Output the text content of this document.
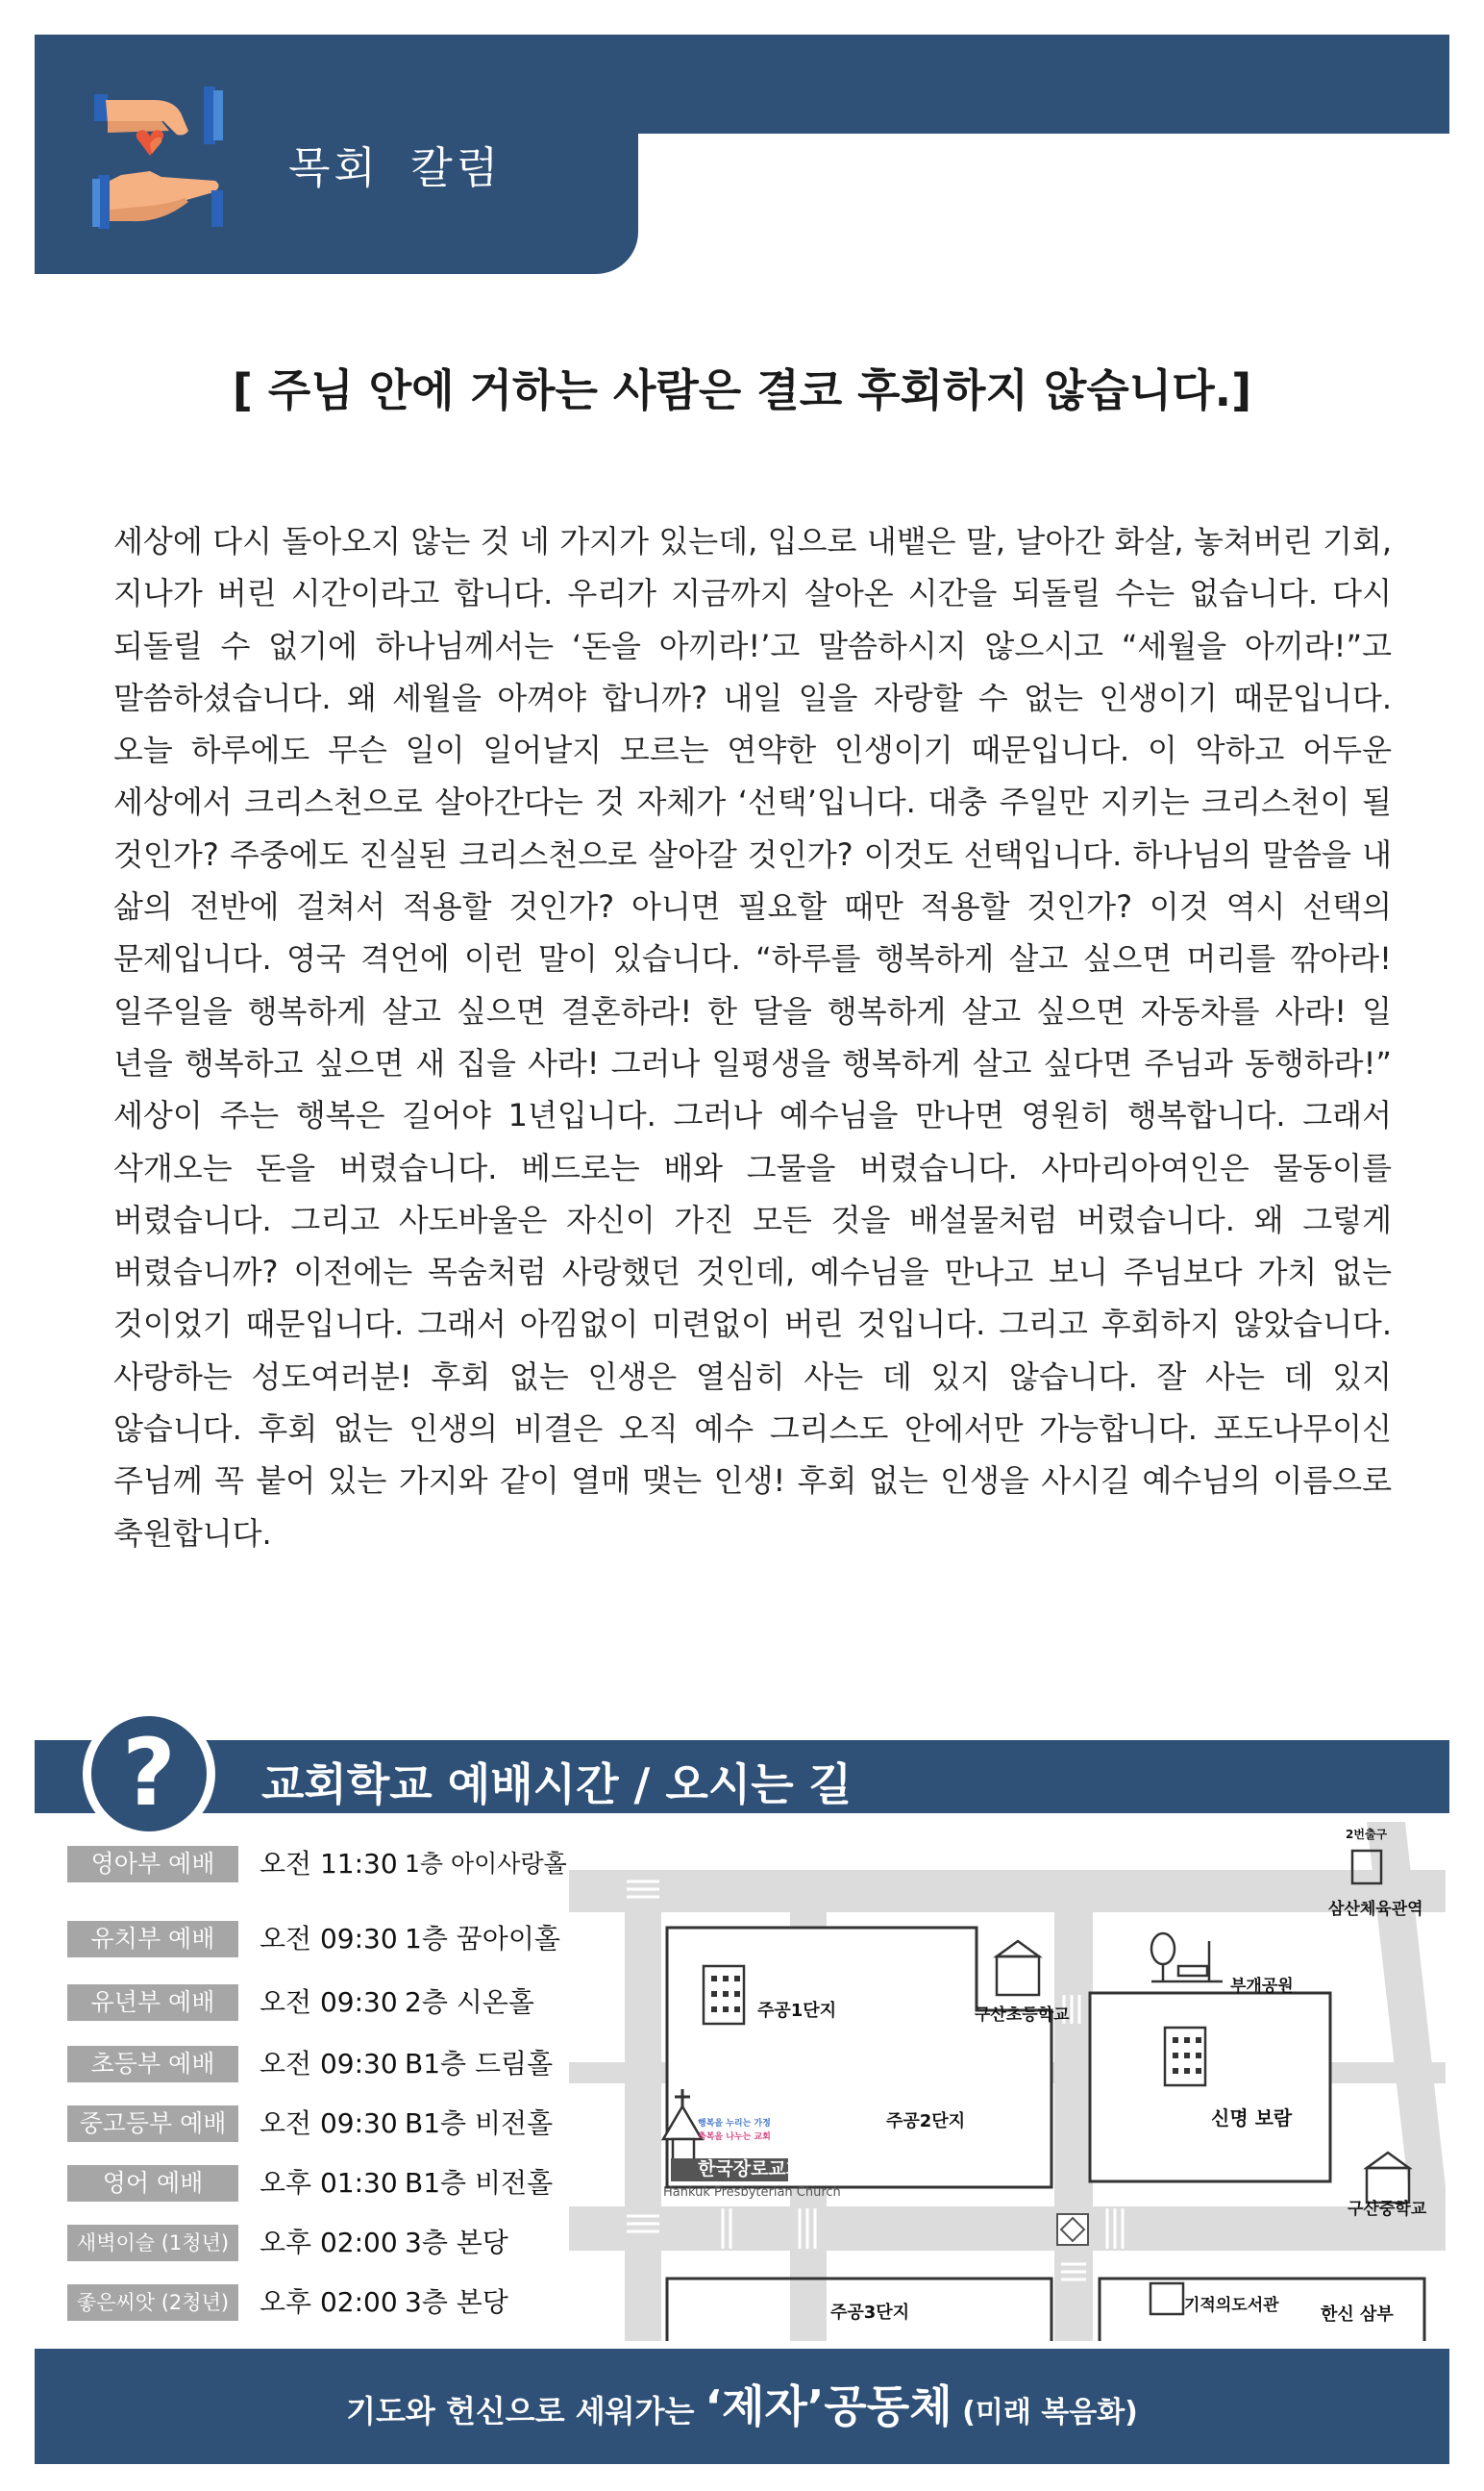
목회 칼럼
[ 주님 안에 거하는 사람은 결코 후회하지 않습니다.]
세상에 다시 돌아오지 않는 것 네 가지가 있는데, 입으로 내뱉은 말, 날아간 화살, 놓쳐버린 기회, 지나가 버린 시간이라고 합니다. 우리가 지금까지 살아온 시간을 되돌릴 수는 없습니다. 다시 되돌릴 수 없기에 하나님께서는 ‘돈을 아끼라!’고 말씀하시지 않으시고 “세월을 아끼라!”고 말씀하셨습니다. 왜 세월을 아껴야 합니까? 내일 일을 자랑할 수 없는 인생이기 때문입니다. 오늘 하루에도 무슨 일이 일어날지 모르는 연약한 인생이기 때문입니다. 이 악하고 어두운 세상에서 크리스천으로 살아간다는 것 자체가 ‘선택’입니다. 대충 주일만 지키는 크리스천이 될 것인가? 주중에도 진실된 크리스천으로 살아갈 것인가? 이것도 선택입니다. 하나님의 말씀을 내 삶의 전반에 걸쳐서 적용할 것인가? 아니면 필요할 때만 적용할 것인가? 이것 역시 선택의 문제입니다. 영국 격언에 이런 말이 있습니다. “하루를 행복하게 살고 싶으면 머리를 깎아라! 일주일을 행복하게 살고 싶으면 결혼하라! 한 달을 행복하게 살고 싶으면 자동차를 사라! 일 년을 행복하고 싶으면 새 집을 사라! 그러나 일평생을 행복하게 살고 싶다면 주님과 동행하라!” 세상이 주는 행복은 길어야 1년입니다. 그러나 예수님을 만나면 영원히 행복합니다. 그래서 삭개오는 돈을 버렸습니다. 베드로는 배와 그물을 버렸습니다. 사마리아여인은 물동이를 버렸습니다. 그리고 사도바울은 자신이 가진 모든 것을 배설물처럼 버렸습니다. 왜 그렇게 버렸습니까? 이전에는 목숨처럼 사랑했던 것인데, 예수님을 만나고 보니 주님보다 가치 없는 것이었기 때문입니다. 그래서 아낌없이 미련없이 버린 것입니다. 그리고 후회하지 않았습니다. 사랑하는 성도여러분! 후회 없는 인생은 열심히 사는 데 있지 않습니다. 잘 사는 데 있지 않습니다. 후회 없는 인생의 비결은 오직 예수 그리스도 안에서만 가능합니다. 포도나무이신 주님께 꼭 붙어 있는 가지와 같이 열매 맺는 인생! 후회 없는 인생을 사시길 예수님의 이름으로 축원합니다.
?	교회학교 예배시간 / 오시는 길
영아부 예배	오전 11:30 1층 아이사랑홀
유치부 예배	오전 09:30 1층 꿈아이홀
유년부 예배	오전 09:30 2층 시온홀
초등부 예배	오전 09:30 B1층 드림홀
중고등부 예배	오전 09:30 B1층 비전홀
영어 예배	오후 01:30 B1층 비전홀
새벽이슬 (1청년)	오후 02:00 3층 본당
좋은씨앗 (2청년)	오후 02:00 3층 본당
2번출구
삼산체육관역
부개공원
구산초등학교
주공1단지
주공2단지	신명 보람
행복을 누리는 가정
축복을 나누는 교회
한국장로교회
Hankuk Presbyterian Church
구산중학교
주공3단지	기적의도서관 한신 삼부
기도와 헌신으로 세워가는 ‘제자’공동체 (미래 복음화)
